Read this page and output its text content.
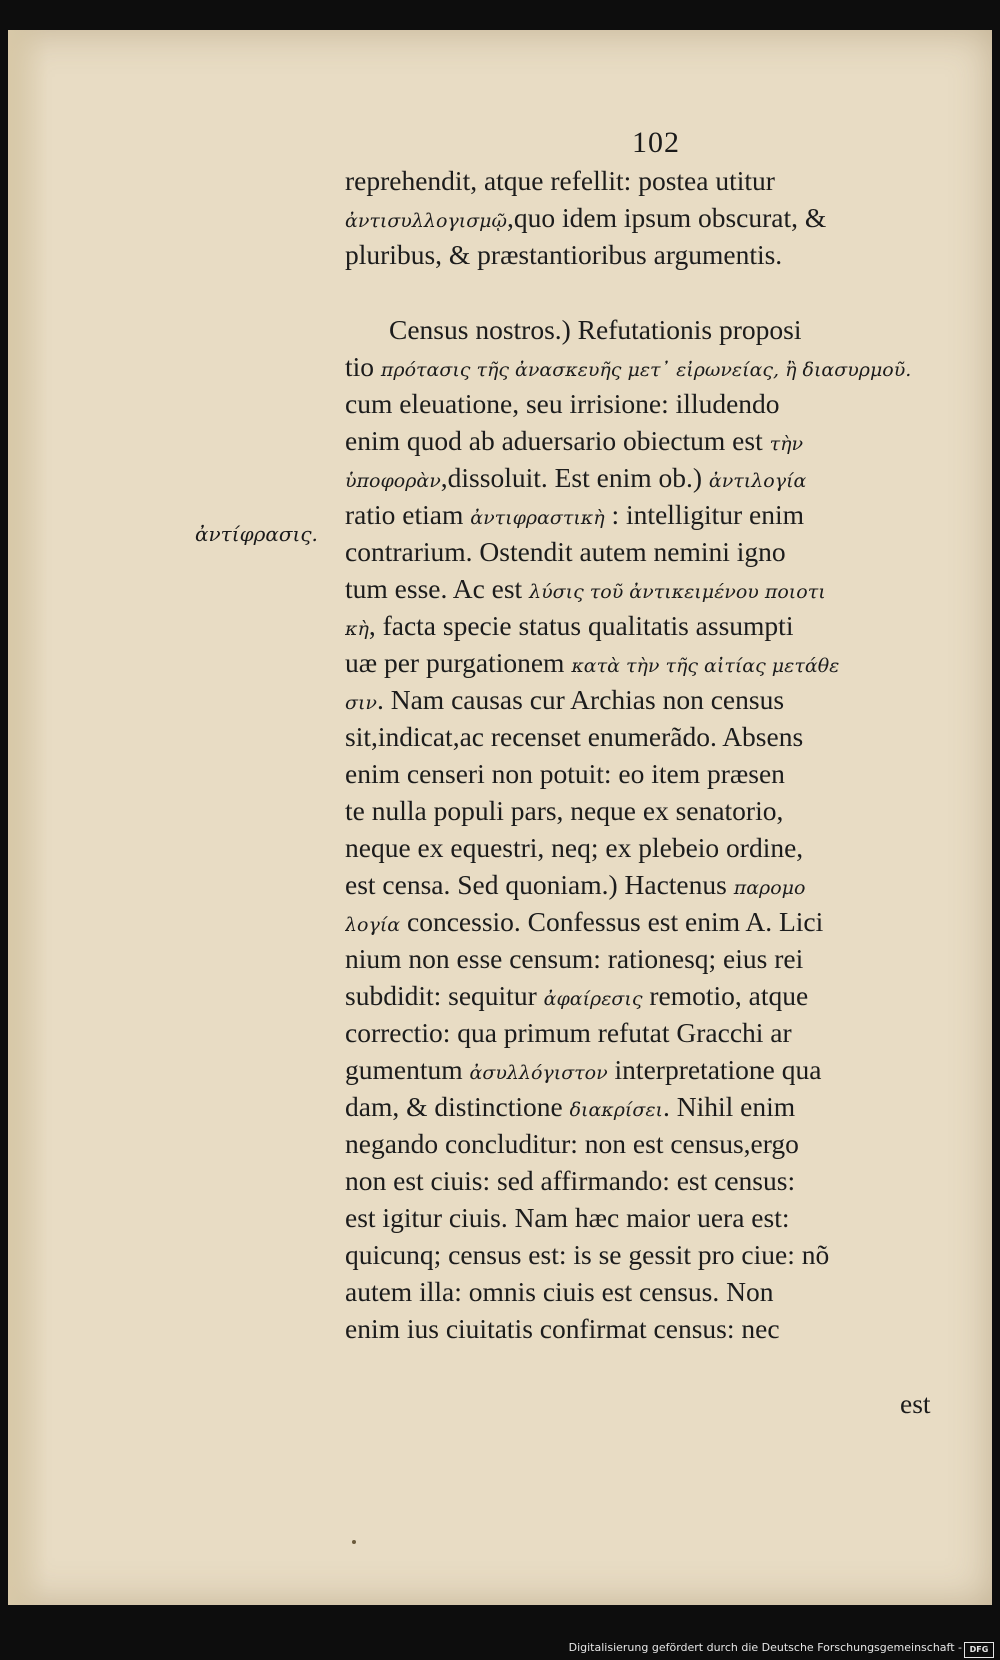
102
ἀντίφρασις.
reprehendit, atque refellit: postea utitur
ἀντισυλλογισμῷ,quo idem ipsum obscurat, &
pluribus, & præstantioribus argumentis.
Census nostros.) Refutationis proposi
tio πρότασις τῆς ἀνασκευῆς μετ᾽ εἰρωνείας, ἢ διασυρμοῦ.
cum eleuatione, seu irrisione: illudendo
enim quod ab aduersario obiectum est τὴν
ὑποφορὰν,dissoluit. Est enim ob.) ἀντιλογία
ratio etiam ἀντιφραστικὴ : intelligitur enim
contrarium. Ostendit autem nemini igno
tum esse. Ac est λύσις τοῦ ἀντικειμένου ποιοτι
κὴ, facta specie status qualitatis assumpti
uæ per purgationem κατὰ τὴν τῆς αἰτίας μετάθε
σιν. Nam causas cur Archias non census
sit,indicat,ac recenset enumerãdo. Absens
enim censeri non potuit: eo item præsen
te nulla populi pars, neque ex senatorio,
neque ex equestri, neq; ex plebeio ordine,
est censa. Sed quoniam.) Hactenus παρομο
λογία concessio. Confessus est enim A. Lici
nium non esse censum: rationesq; eius rei
subdidit: sequitur ἀφαίρεσις remotio, atque
correctio: qua primum refutat Gracchi ar
gumentum ἀσυλλόγιστον interpretatione qua
dam, & distinctione διακρίσει. Nihil enim
negando concluditur: non est census,ergo
non est ciuis: sed affirmando: est census:
est igitur ciuis. Nam hæc maior uera est:
quicunq; census est: is se gessit pro ciue: nõ
autem illa: omnis ciuis est census. Non
enim ius ciuitatis confirmat census: nec
est
Digitalisierung gefördert durch die Deutsche Forschungsgemeinschaft - DFG
